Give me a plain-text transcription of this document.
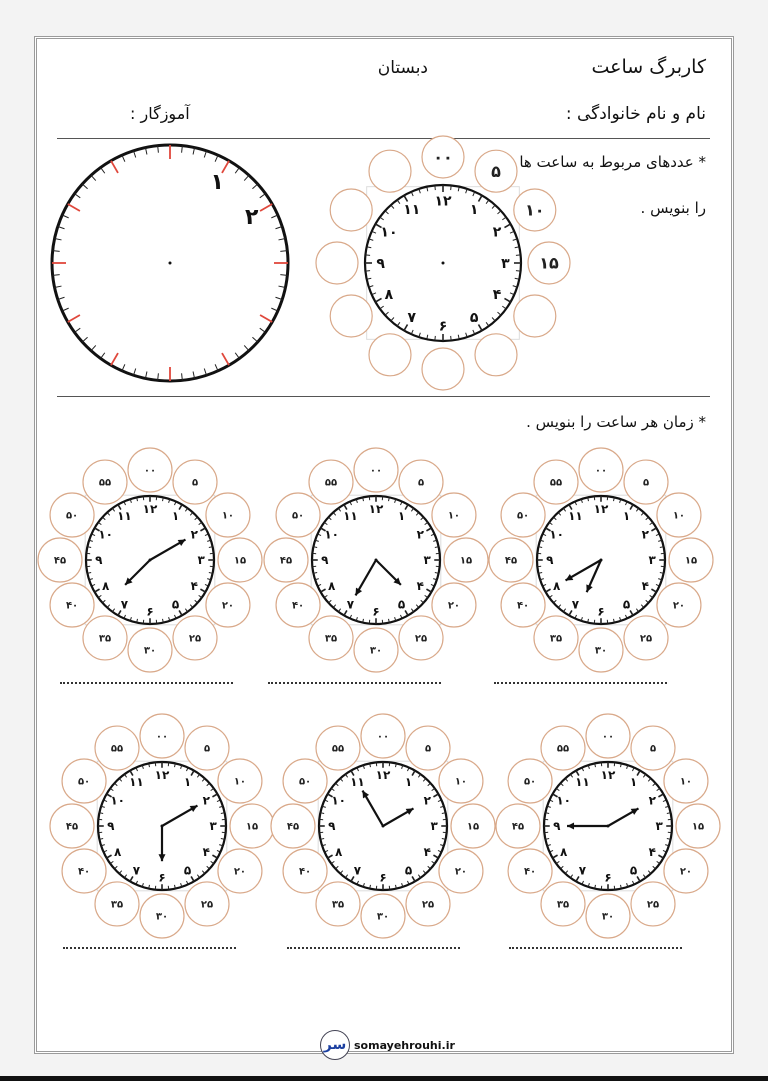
کاربرگ ساعت
دبستان
نام و نام خانوادگی :
آموزگار :
* عددهای مربوط به ساعت ها
را بنویس .
* زمان هر ساعت را بنویس .
۱
۲
۰۰
۵
۱۰
۱۵
۱۲
۱
۲
۳
۴
۵
۶
۷
۸
۹
۱۰
۱۱
۰۰
۵
۱۰
۱۵
۲۰
۲۵
۳۰
۳۵
۴۰
۴۵
۵۰
۵۵
۱۲ ۱
۲
۳
۴
۵
۶
۷
۸
۹
۱۰
۱۱
۰۰
۵
۱۰
۱۵
۲۰
۲۵
۳۰
۳۵
۴۰
۴۵
۵۰
۵۵
۱۲ ۱
۲
۳
۴
۵
۶
۷
۸
۹
۱۰
۱۱
۰۰
۵
۱۰
۱۵
۲۰
۲۵
۳۰
۳۵
۴۰
۴۵
۵۰
۵۵
۱۲ ۱
۲
۳
۴
۵
۶
۷
۸
۹
۱۰
۱۱
۰۰
۵
۱۰
۱۵
۲۰
۲۵
۳۰
۳۵
۴۰
۴۵
۵۰
۵۵
۱۲ ۱
۲
۳
۴
۵
۶
۷
۸
۹
۱۰
۱۱
۰۰
۵
۱۰
۱۵
۲۰
۲۵
۳۰
۳۵
۴۰
۴۵
۵۰
۵۵
۱۲ ۱
۲
۳
۴
۵
۶
۷
۸
۹
۱۰
۱۱
۰۰
۵
۱۰
۱۵
۲۰
۲۵
۳۰
۳۵
۴۰
۴۵
۵۰
۵۵
۱۲ ۱
۲
۳
۴
۵
۶
۷
۸
۹
۱۰
۱۱
سر somayehrouhi.ir
